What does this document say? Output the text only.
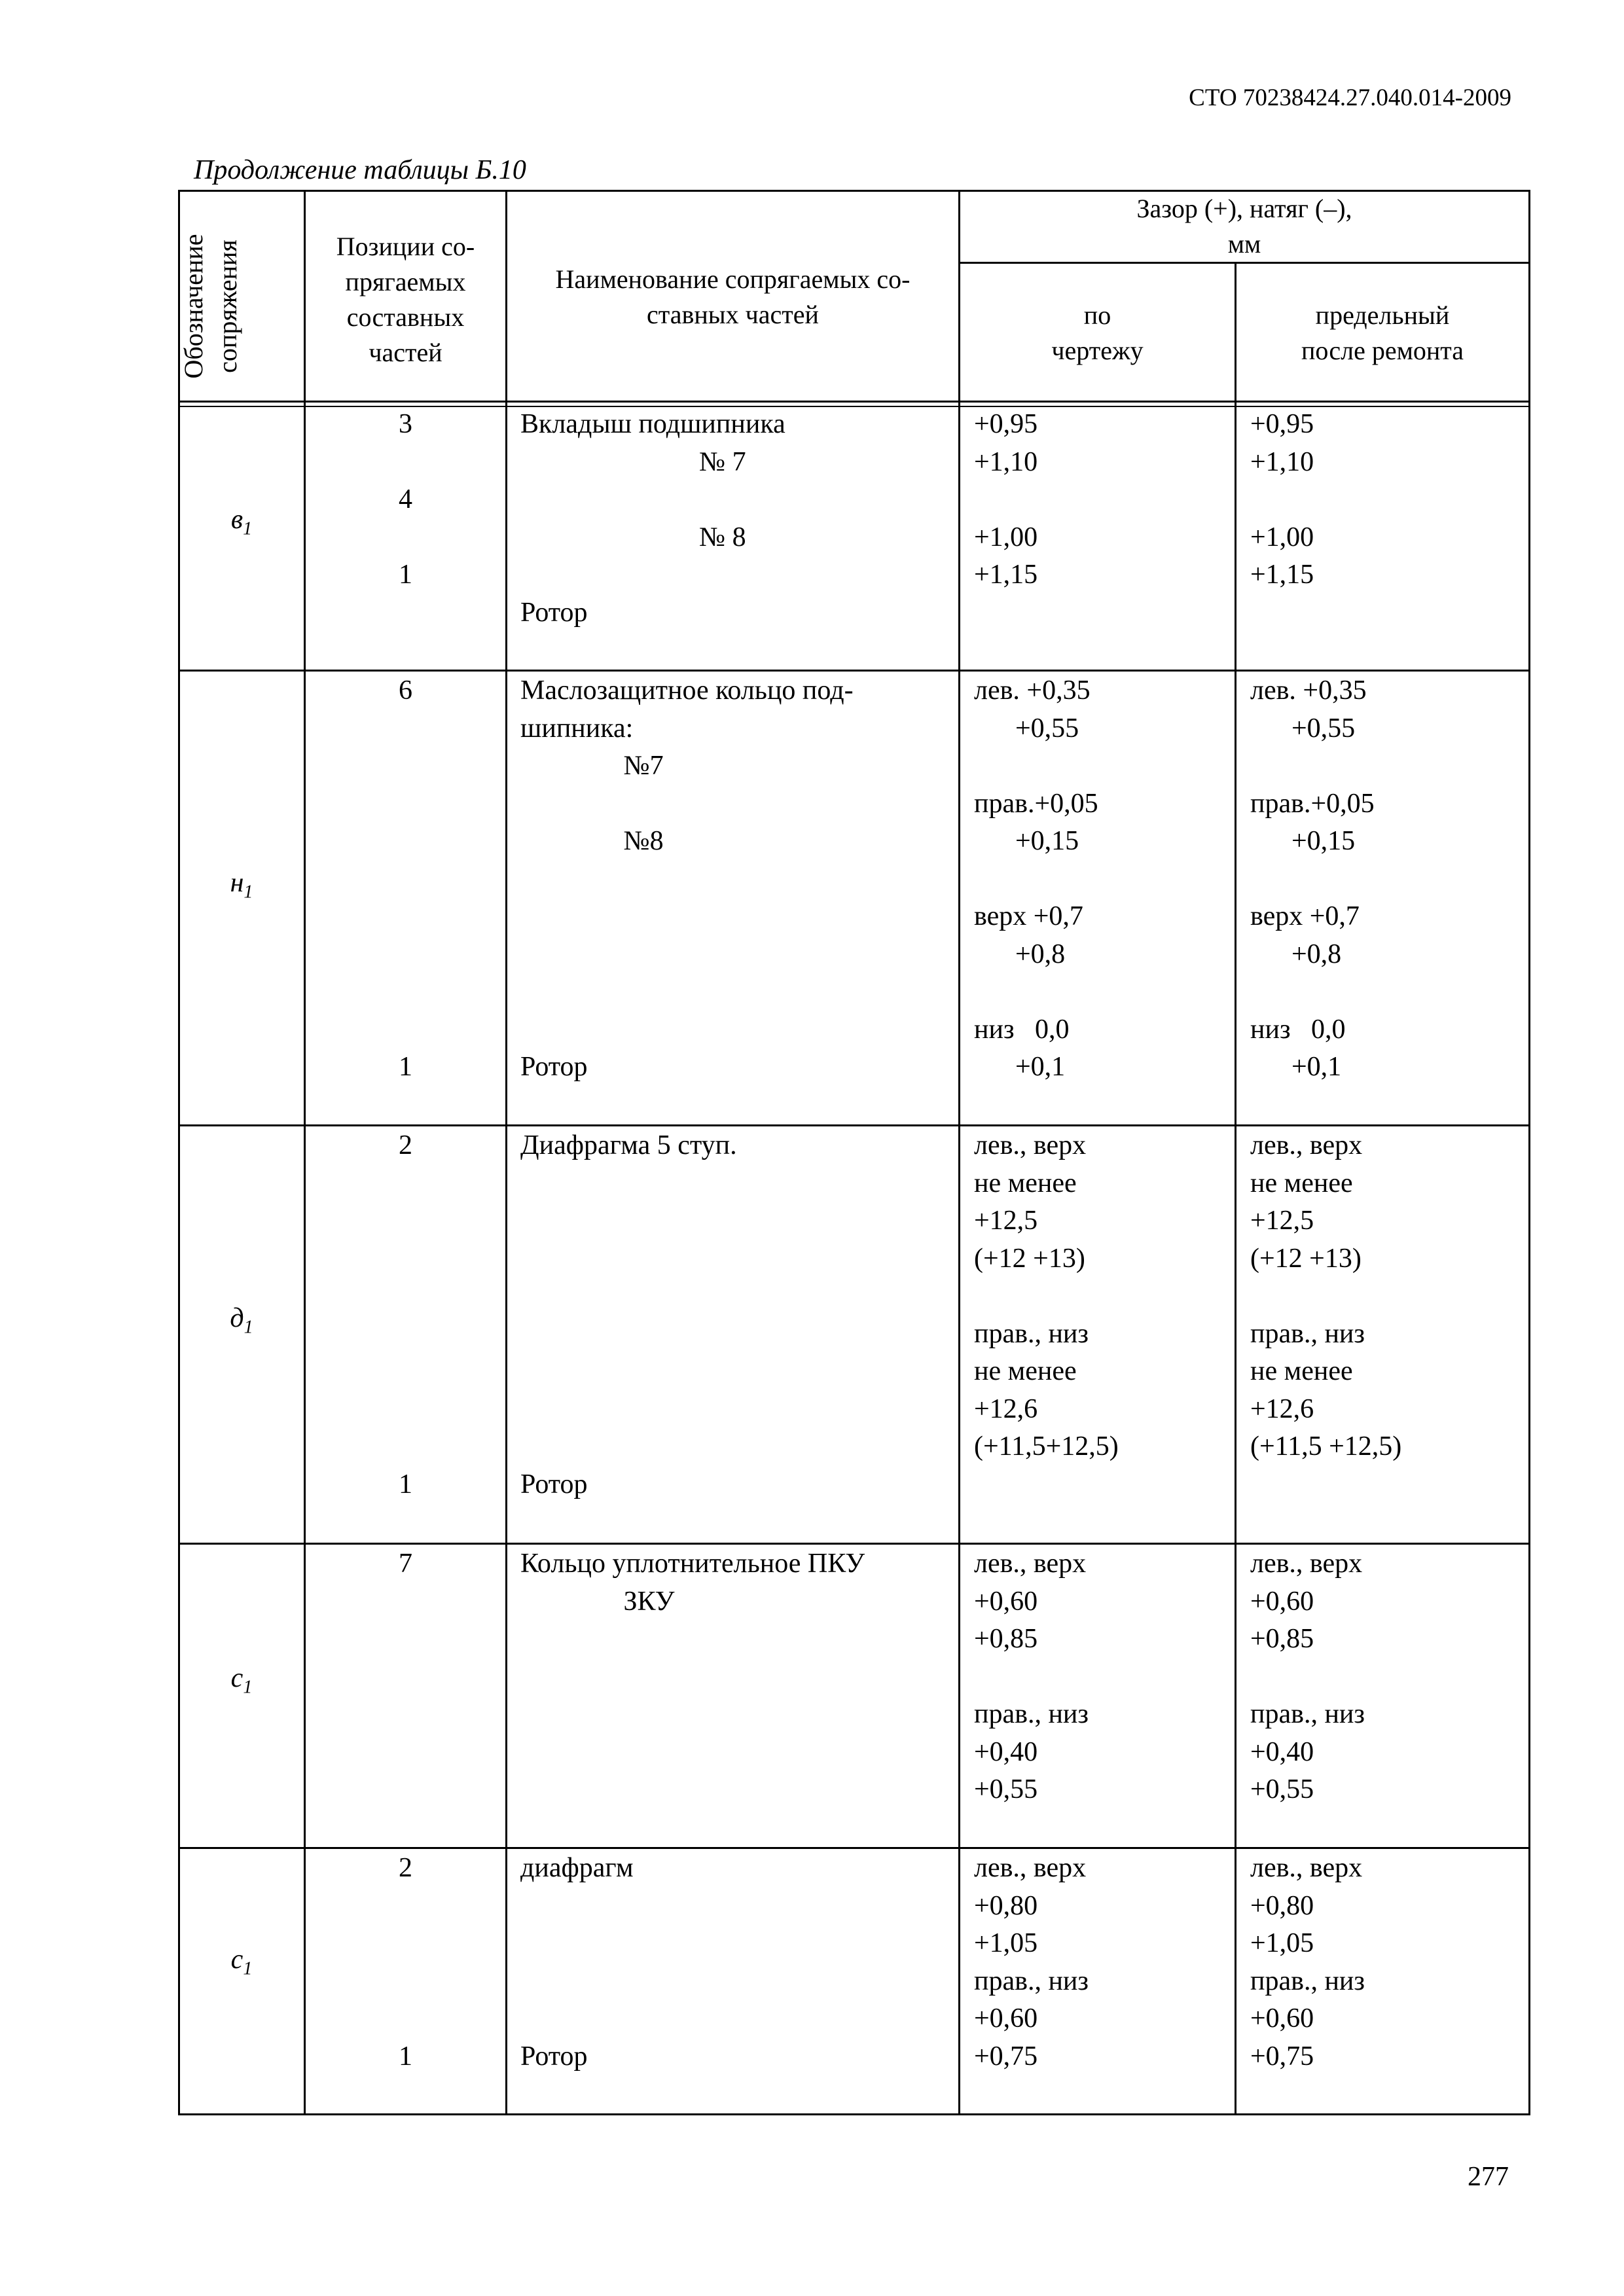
СТО 70238424.27.040.014-2009
Продолжение таблицы Б.10
Обозначение
сопряжения	Позиции со-
прягаемых
составных
частей
Наименование сопрягаемых со-
ставных частей
Зазор (+), натяг (–),
мм
по
чертежу
предельный
после ремонта
$в_1$
3

4

1
Вкладыш подшипника
№ 7

№ 8

Ротор
+0,95
+1,10

+1,00
+1,15
+0,95
+1,10

+1,00
+1,15
$н_1$
6

1
Маслозащитное кольцо под-
шипника:
№7

№8

Ротор
лев. +0,35
+0,55

прав.+0,05
+0,15

верх +0,7
+0,8

низ   0,0
+0,1
лев. +0,35
+0,55

прав.+0,05
+0,15

верх +0,7
+0,8

низ   0,0
+0,1
$д_1$
2

1
Диафрагма 5 ступ.

Ротор
лев., верх
не менее
+12,5
(+12 +13)

прав., низ
не менее
+12,6
(+11,5+12,5)
лев., верх
не менее
+12,5
(+12 +13)

прав., низ
не менее
+12,6
(+11,5 +12,5)
$с_1$
7	Кольцо уплотнительное ПКУ
ЗКУ
лев., верх
+0,60
+0,85

прав., низ
+0,40
+0,55
лев., верх
+0,60
+0,85

прав., низ
+0,40
+0,55
$с_1$
2

1
диафрагм

Ротор
лев., верх
+0,80
+1,05
прав., низ
+0,60
+0,75
лев., верх
+0,80
+1,05
прав., низ
+0,60
+0,75
277
